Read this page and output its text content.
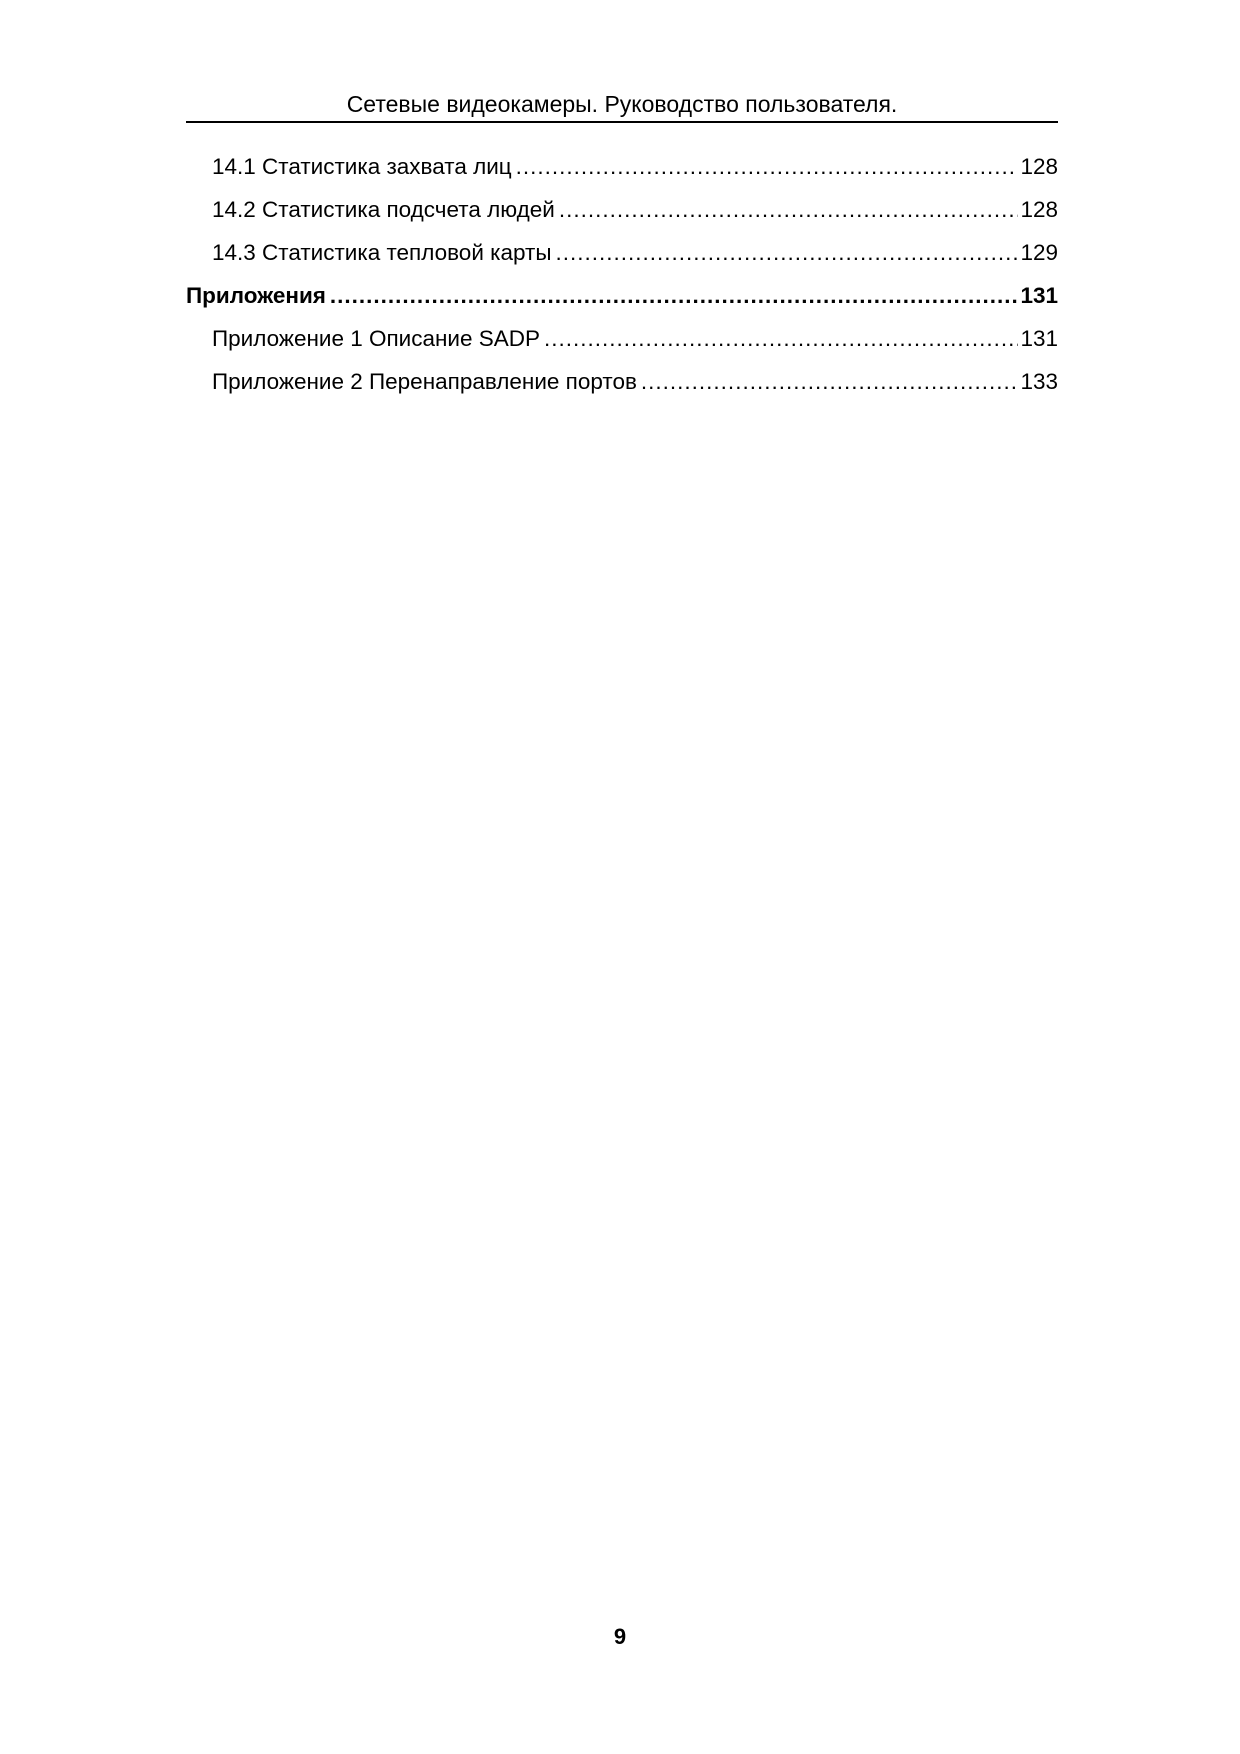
Сетевые видеокамеры. Руководство пользователя.
14.1 Статистика захвата лиц .....	128
14.2 Статистика подсчета людей .....	128
14.3 Статистика тепловой карты .....	129
Приложения .....	131
Приложение 1 Описание SADP .....	131
Приложение 2 Перенаправление портов .....	133
9
